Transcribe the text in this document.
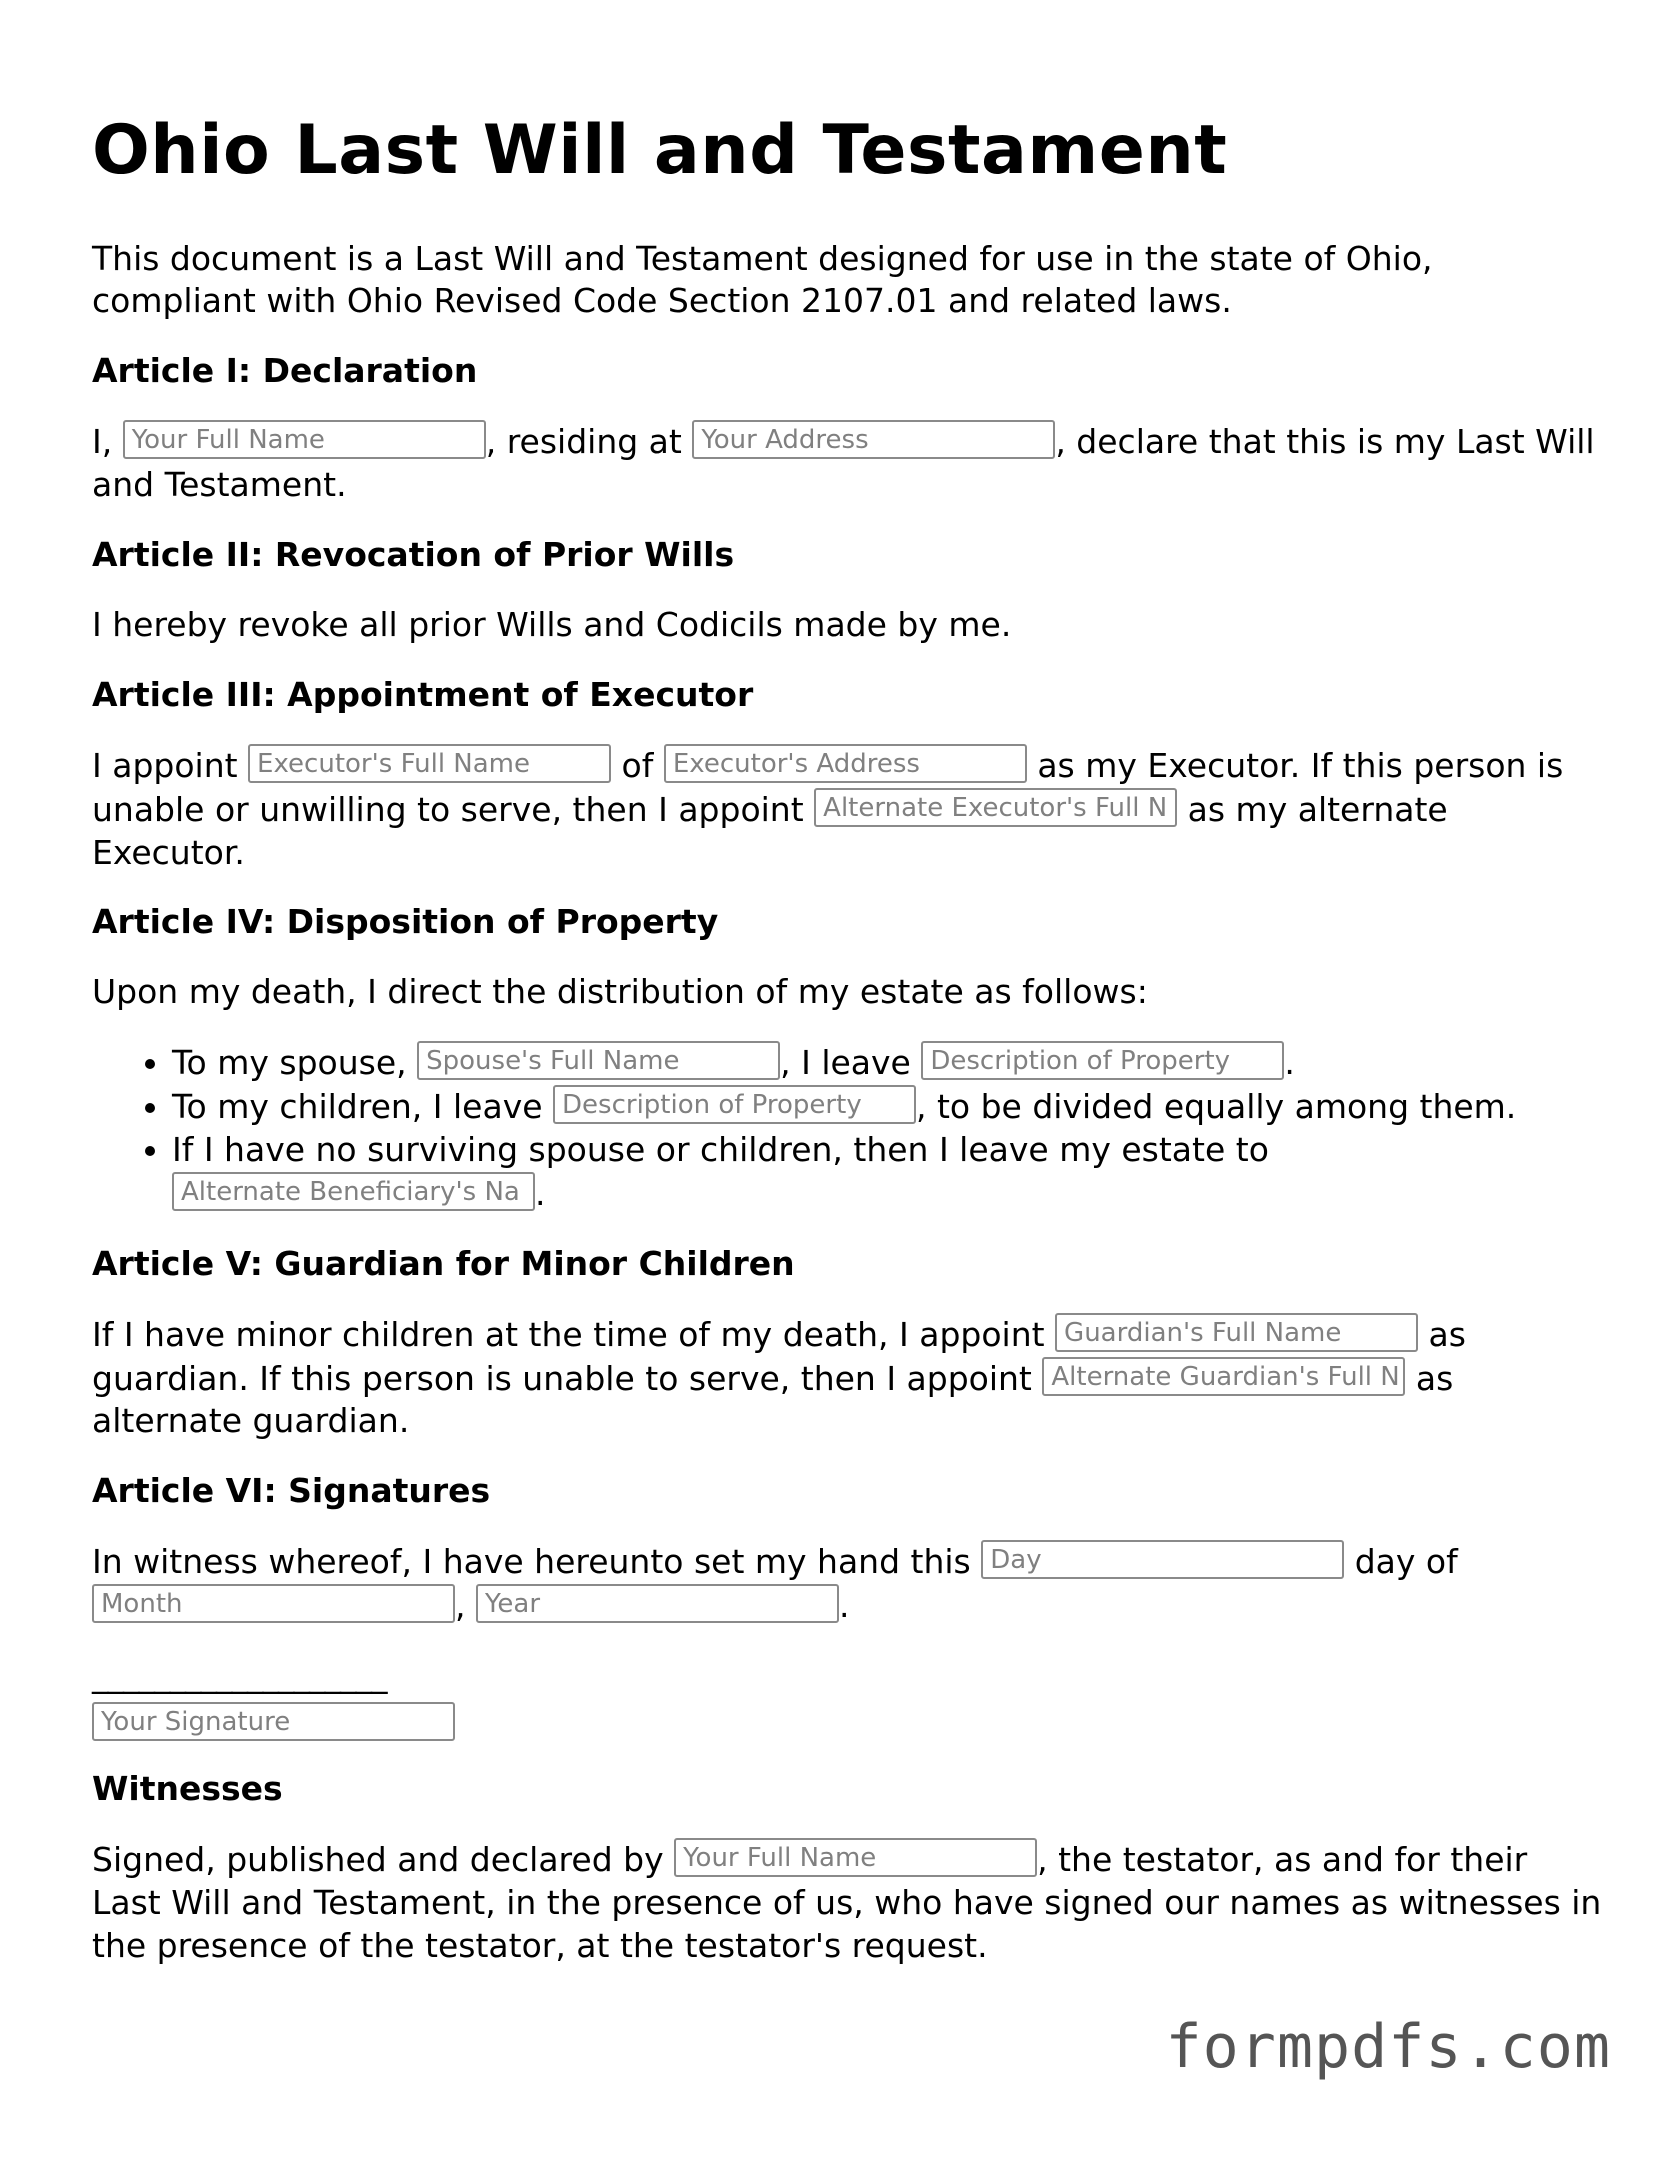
Ohio Last Will and Testament

This document is a Last Will and Testament designed for use in the state of Ohio, compliant with Ohio Revised Code Section 2107.01 and related laws.

Article I: Declaration

I, Your Full Name	, residing at Your Address	, declare that this is my Last Will and Testament.

Article II: Revocation of Prior Wills

I hereby revoke all prior Wills and Codicils made by me.

Article III: Appointment of Executor

I appoint Executor's Full Name of Executor's Address	as my Executor. If this person is unable or unwilling to serve, then I appoint Alternate Executor's Full N as my alternate Executor.

Article IV: Disposition of Property

Upon my death, I direct the distribution of my estate as follows:

• To my spouse, Spouse's Full Name	, I leave Description of Property .
• To my children, I leave Description of Property , to be divided equally among them.
• If I have no surviving spouse or children, then I leave my estate to Alternate Beneficiary's Na .
Article V: Guardian for Minor Children

If I have minor children at the time of my death, I appoint Guardian's Full Name as guardian. If this person is unable to serve, then I appoint Alternate Guardian's Full N as alternate guardian.

Article VI: Signatures

In witness whereof, I have hereunto set my hand this Day	day of Month	, Year	.

___________________
Your Signature
Witnesses

Signed, published and declared by Your Full Name	, the testator, as and for their Last Will and Testament, in the presence of us, who have signed our names as witnesses in the presence of the testator, at the testator's request.

formpdfs.com
